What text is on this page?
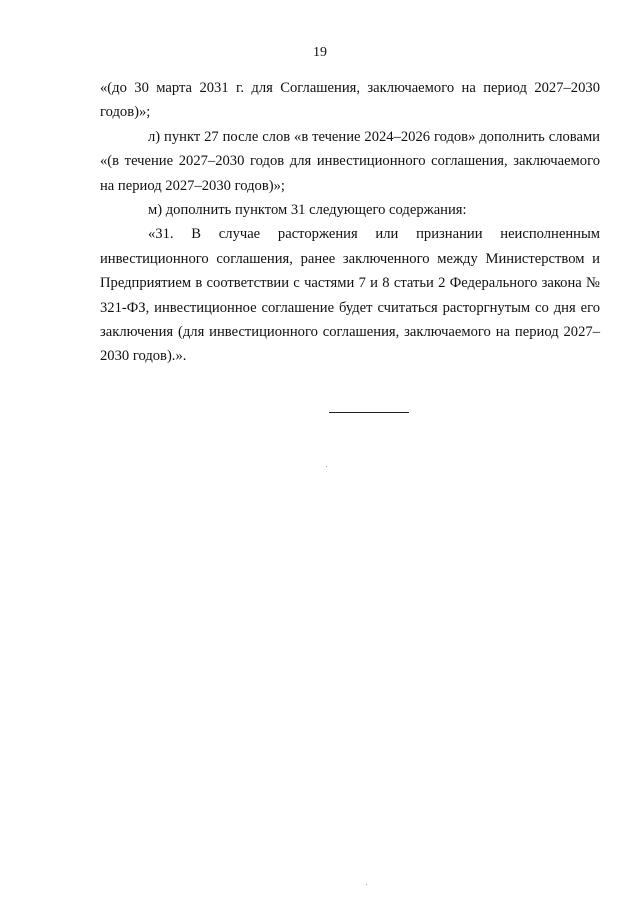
19

«(до 30 марта 2031 г. для Соглашения, заключаемого на период 2027–2030 годов)»;

л) пункт 27 после слов «в течение 2024–2026 годов» дополнить словами «(в течение 2027–2030 годов для инвестиционного соглашения, заключаемого на период 2027–2030 годов)»;

м) дополнить пунктом 31 следующего содержания:

«31. В случае расторжения или признании неисполненным инвестиционного соглашения, ранее заключенного между Министерством и Предприятием в соответствии с частями 7 и 8 статьи 2 Федерального закона № 321-ФЗ, инвестиционное соглашение будет считаться расторгнутым со дня его заключения (для инвестиционного соглашения, заключаемого на период 2027–2030 годов).».
